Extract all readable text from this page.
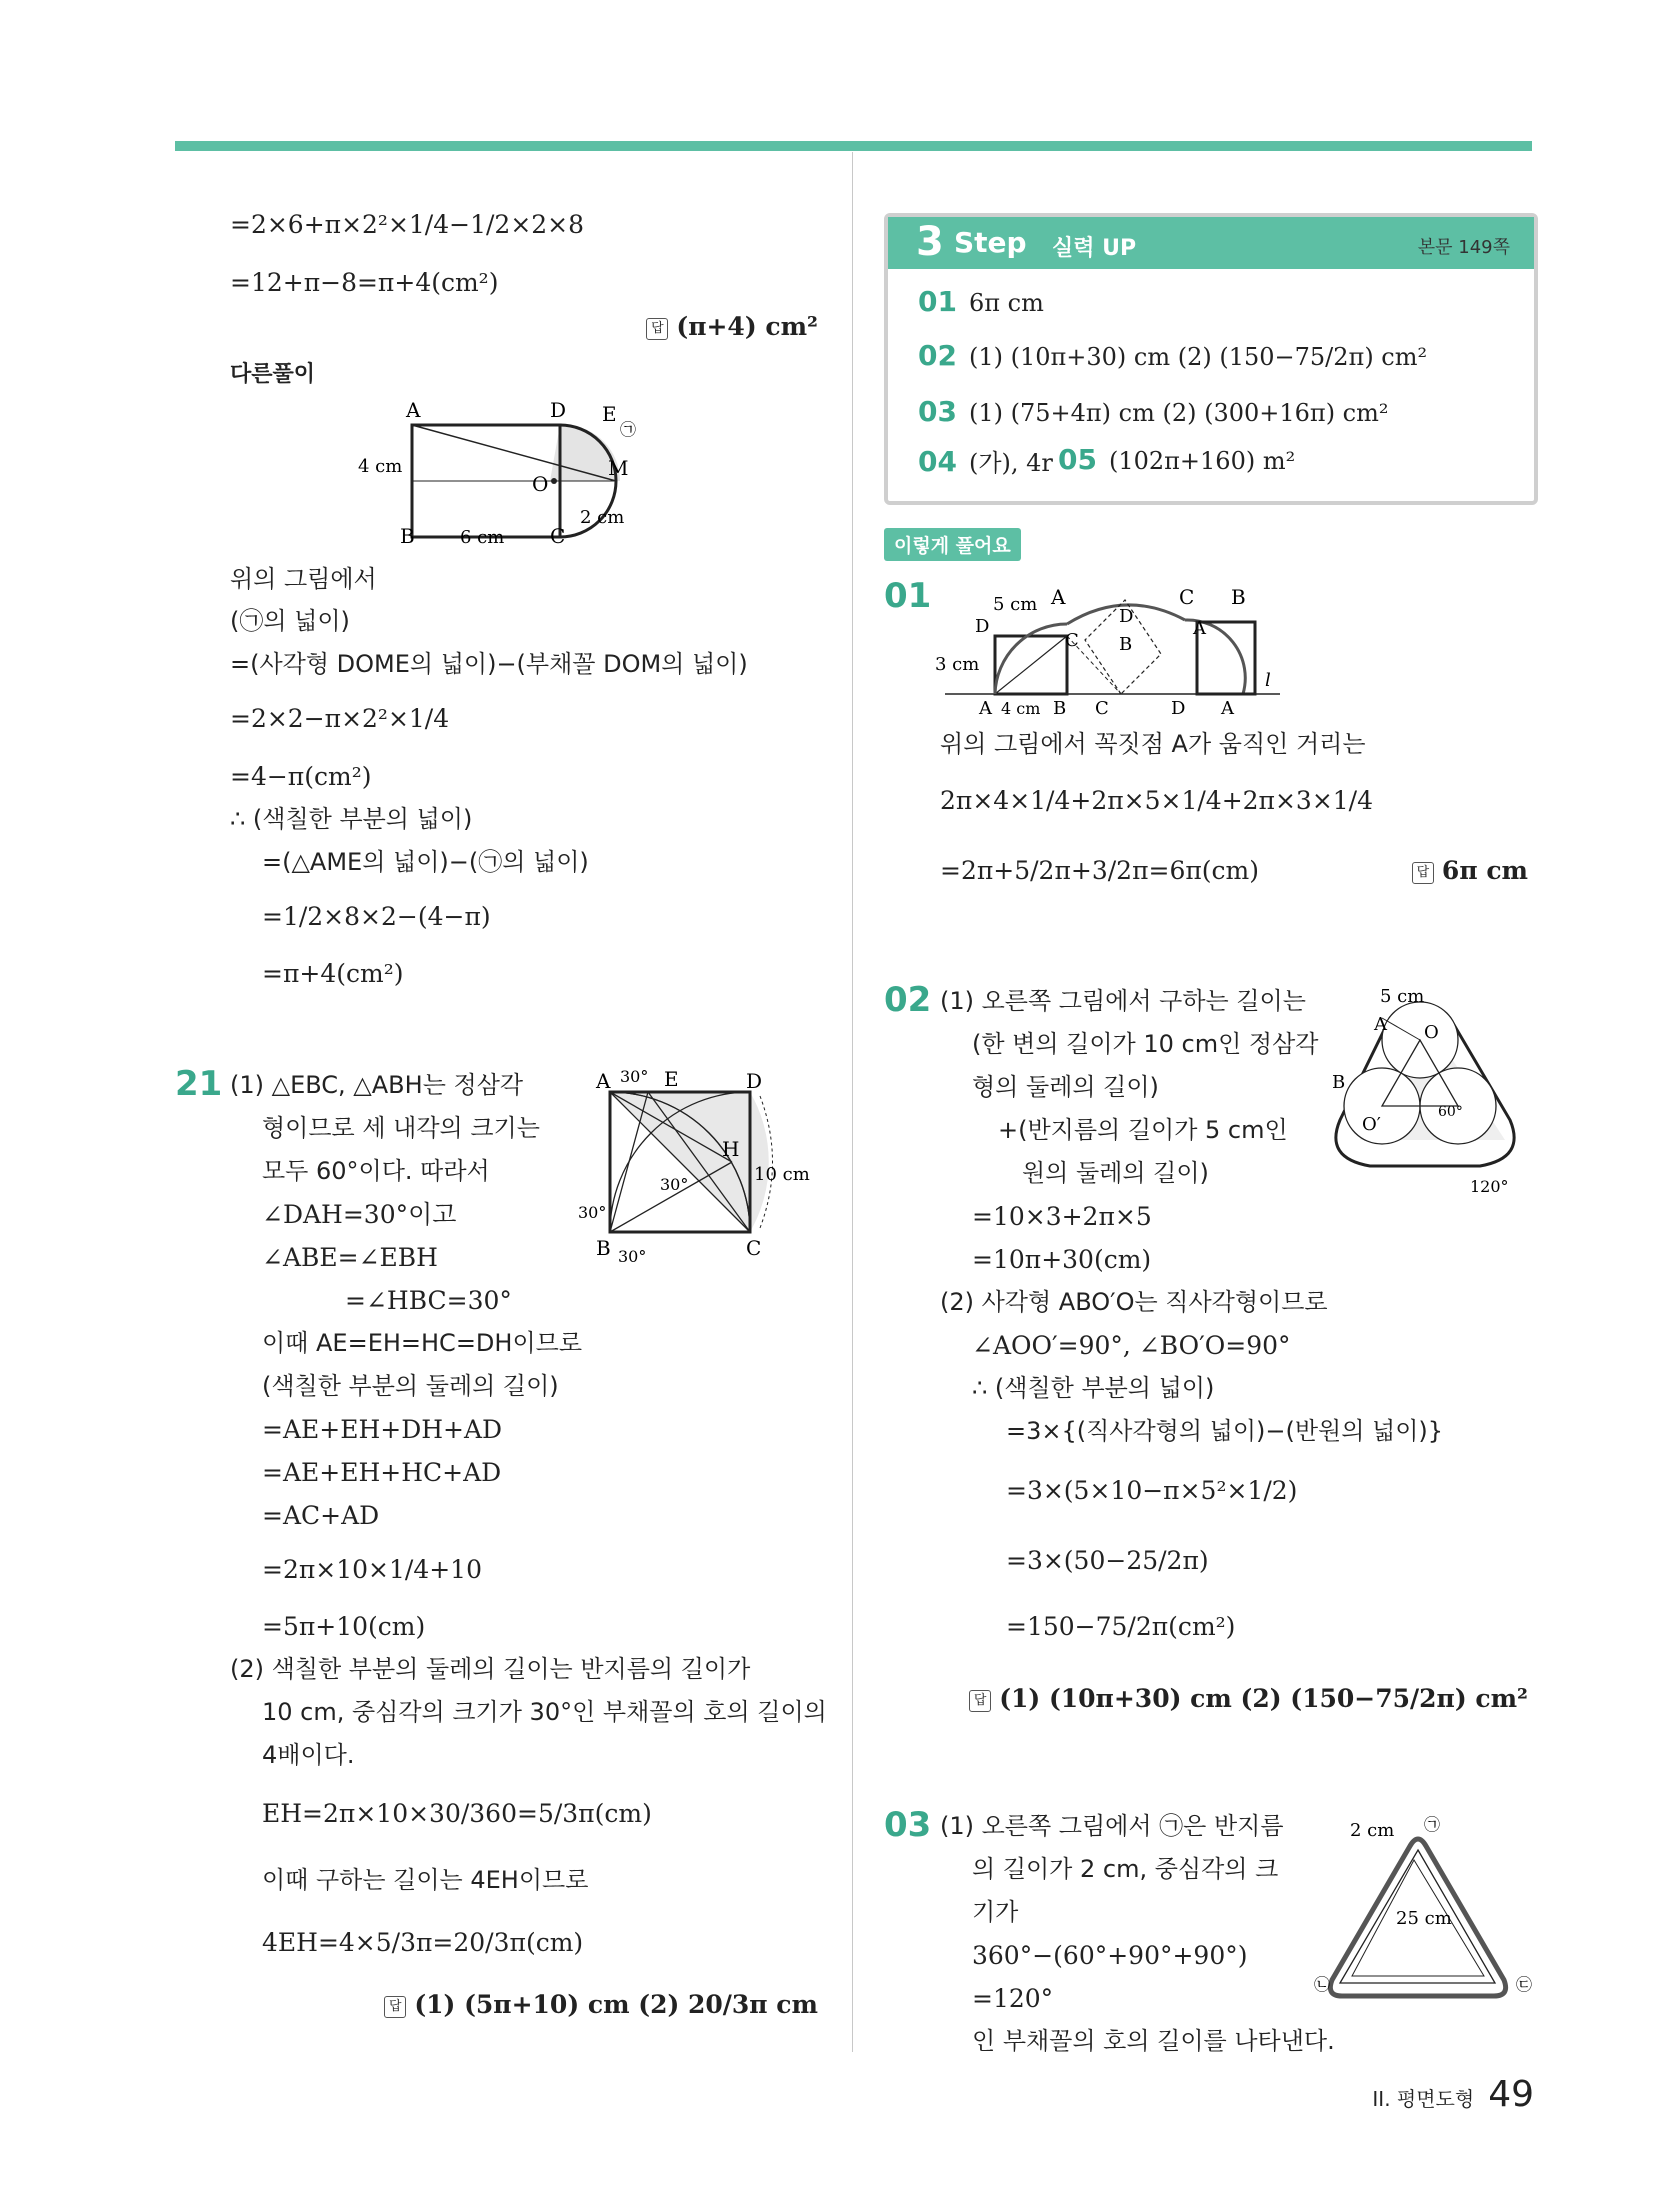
=2×6+π×2²×1/4−1/2×2×8
=12+π−8=π+4(cm²)
답 (π+4) cm²
다른풀이
A	D E
㉠
4 cm
O
M
B	6 cm C
2 cm
위의 그림에서
(㉠의 넓이)
=(사각형 DOME의 넓이)−(부채꼴 DOM의 넓이)
=2×2−π×2²×1/4
=4−π(cm²)
∴ (색칠한 부분의 넓이)
=(△AME의 넓이)−(㉠의 넓이)
=1/2×8×2−(4−π)
=π+4(cm²)
21 (1) △EBC, △ABH는 정삼각
형이므로 세 내각의 크기는
모두 60°이다. 따라서
∠DAH=30°이고
∠ABE=∠EBH
=∠HBC=30°
이때 AE=EH=HC=DH이므로
(색칠한 부분의 둘레의 길이)
=AE+EH+DH+AD
=AE+EH+HC+AD
=AC+AD
=2π×10×1/4+10
=5π+10(cm)
(2) 색칠한 부분의 둘레의 길이는 반지름의 길이가
10 cm, 중심각의 크기가 30°인 부채꼴의 호의 길이의
4배이다.
EH=2π×10×30/360=5/3π(cm)
이때 구하는 길이는 4EH이므로
4EH=4×5/3π=20/3π(cm)
답 (1) (5π+10) cm (2) 20/3π cm
A 30° E	D
H
10 cm
30°
30°
B 30°	C
3 Step 실력 UP	본문 149쪽
01 6π cm
02 (1) (10π+30) cm (2) (150−75/2π) cm²
03 (1) (75+4π) cm (2) (300+16π) cm²
04 (가), 4r 05 (102π+160) m²
이렇게 풀어요
01	5 cm A	C B
D
D	A
C B
3 cm
A 4 cm B C	D A
l
위의 그림에서 꼭짓점 A가 움직인 거리는
2π×4×1/4+2π×5×1/4+2π×3×1/4
=2π+5/2π+3/2π=6π(cm)	답 6π cm
02 (1) 오른쪽 그림에서 구하는 길이는
(한 변의 길이가 10 cm인 정삼각
형의 둘레의 길이)
+(반지름의 길이가 5 cm인
원의 둘레의 길이)
=10×3+2π×5
=10π+30(cm)
(2) 사각형 ABO′O는 직사각형이므로
∠AOO′=90°, ∠BO′O=90°
∴ (색칠한 부분의 넓이)
=3×{(직사각형의 넓이)−(반원의 넓이)}
=3×(5×10−π×5²×1/2)
=3×(50−25/2π)
=150−75/2π(cm²)
답 (1) (10π+30) cm (2) (150−75/2π) cm²
5 cm
A O
B
O′
60°
120°
03 (1) 오른쪽 그림에서 ㉠은 반지름
의 길이가 2 cm, 중심각의 크
기가
360°−(60°+90°+90°)
=120°
인 부채꼴의 호의 길이를 나타낸다.
2 cm ㉠
25 cm
㉡	㉢
II. 평면도형 49
